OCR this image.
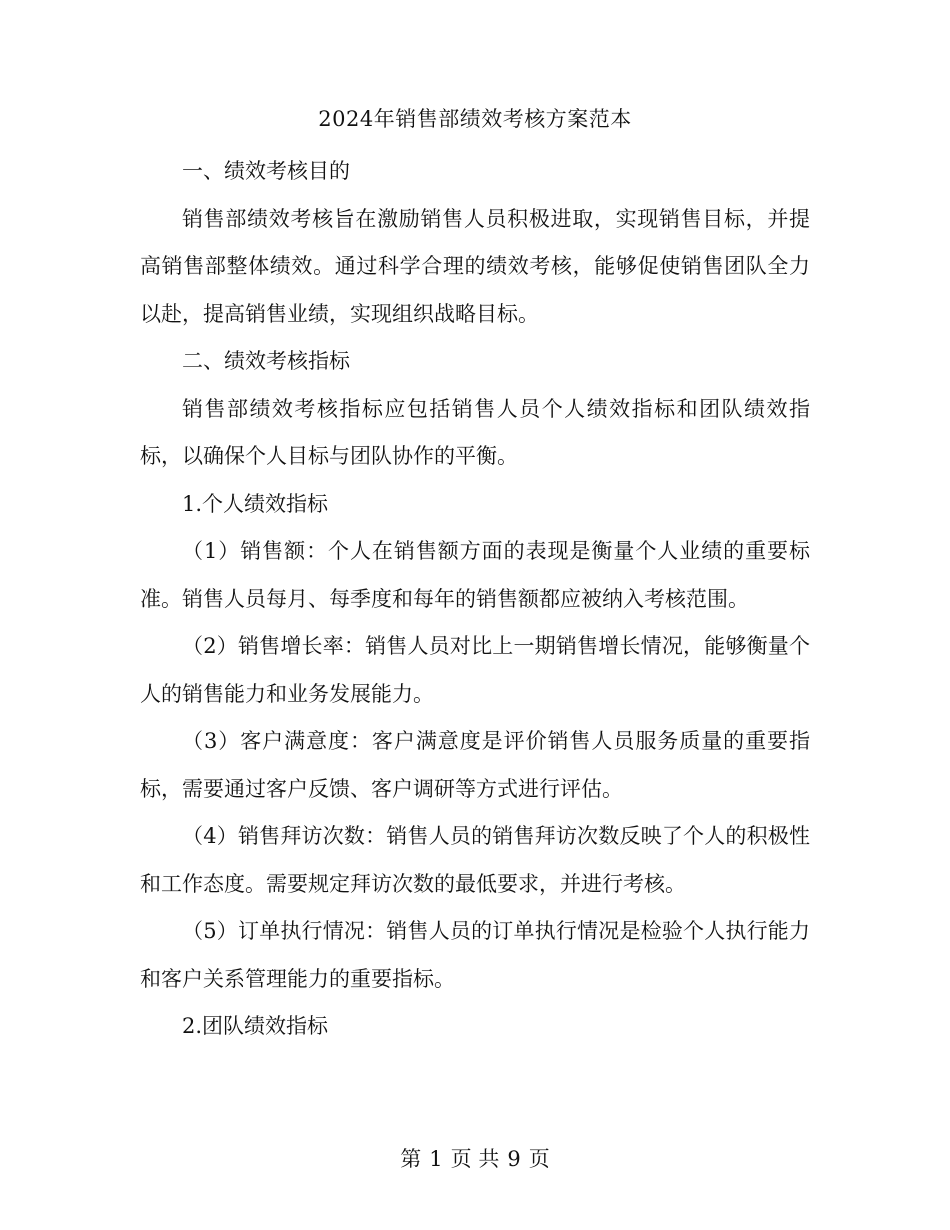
2024年销售部绩效考核方案范本

一、绩效考核目的

销售部绩效考核旨在激励销售人员积极进取，实现销售目标，并提高销售部整体绩效。通过科学合理的绩效考核，能够促使销售团队全力以赴，提高销售业绩，实现组织战略目标。

二、绩效考核指标

销售部绩效考核指标应包括销售人员个人绩效指标和团队绩效指标，以确保个人目标与团队协作的平衡。

1.个人绩效指标

（1）销售额：个人在销售额方面的表现是衡量个人业绩的重要标准。销售人员每月、每季度和每年的销售额都应被纳入考核范围。

（2）销售增长率：销售人员对比上一期销售增长情况，能够衡量个人的销售能力和业务发展能力。

（3）客户满意度：客户满意度是评价销售人员服务质量的重要指标，需要通过客户反馈、客户调研等方式进行评估。

（4）销售拜访次数：销售人员的销售拜访次数反映了个人的积极性和工作态度。需要规定拜访次数的最低要求，并进行考核。

（5）订单执行情况：销售人员的订单执行情况是检验个人执行能力和客户关系管理能力的重要指标。

2.团队绩效指标

第 1 页 共 9 页
